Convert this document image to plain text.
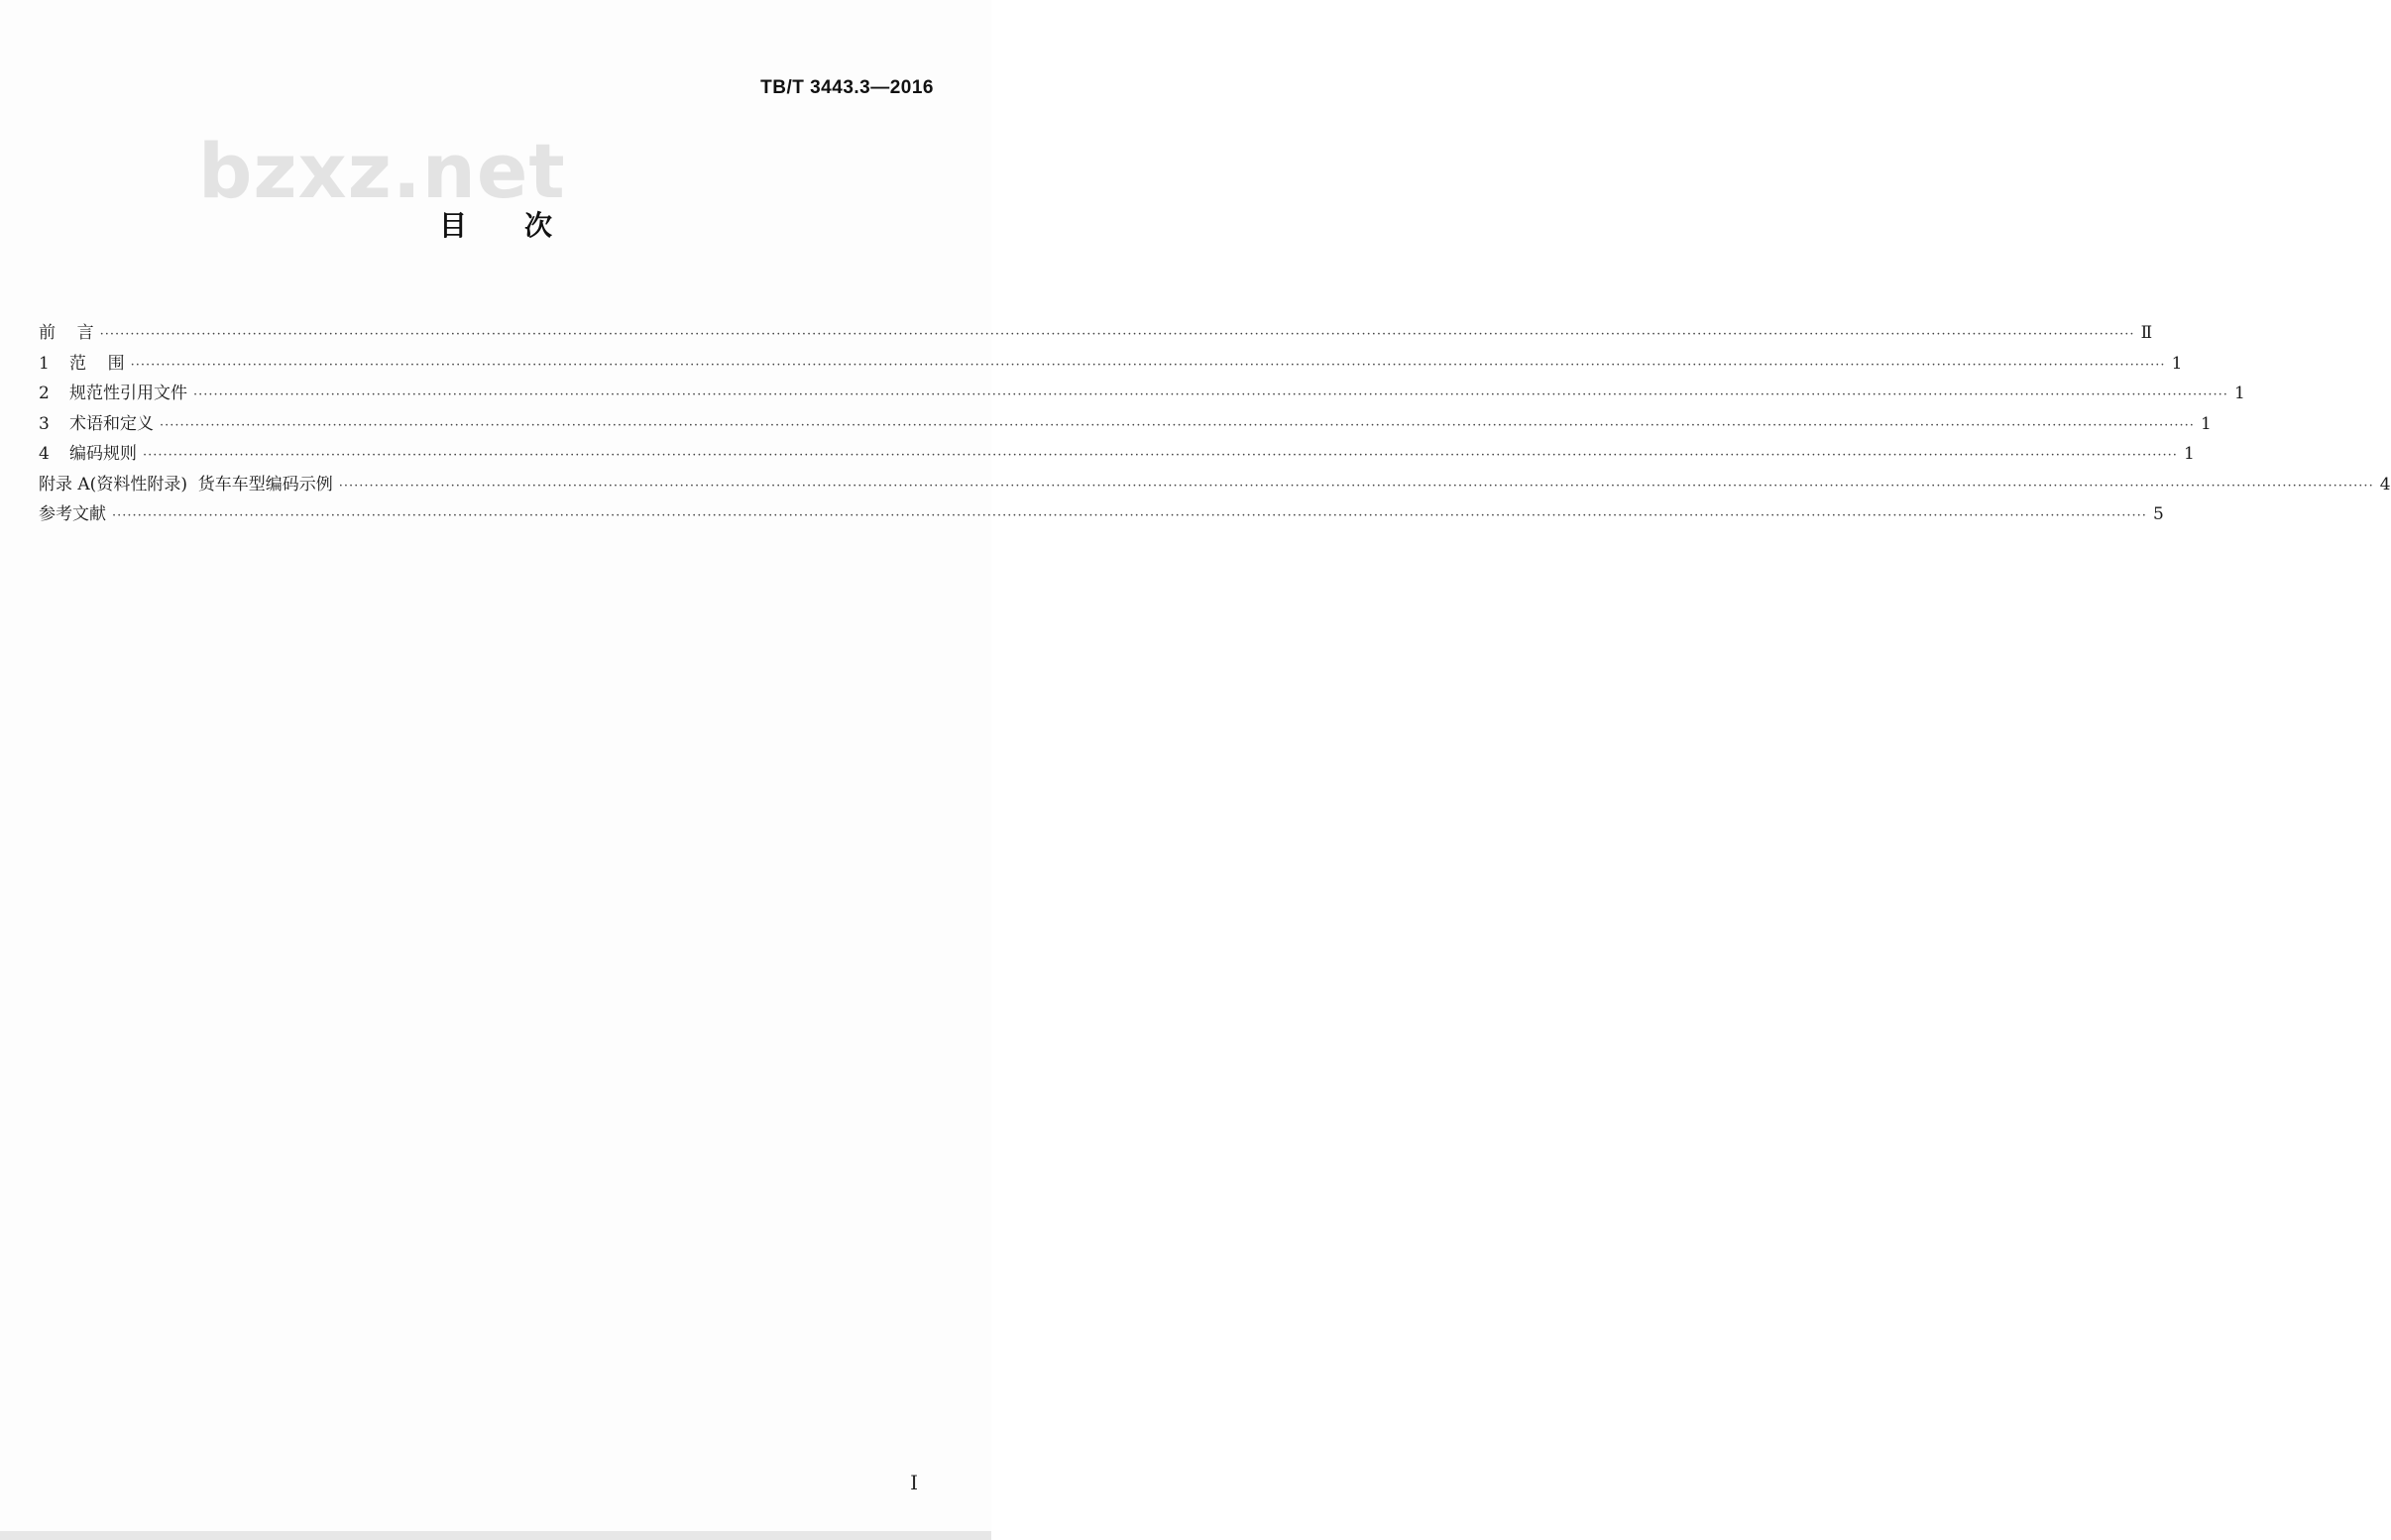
TB/T 3443.3—2016
bzxz.net
目次
前    言 ················································································································································································································································································································································································································ Ⅱ
1	范    围 ················································································································································································································································································································································································································ 1
2	规范性引用文件 ················································································································································································································································································································································································································ 1
3	术语和定义 ················································································································································································································································································································································································································ 1
4	编码规则 ················································································································································································································································································································································································································ 1
附录 A(资料性附录)  货车车型编码示例 ················································································································································································································································································································································································································ 4
参考文献 ················································································································································································································································································································································································································ 5
I
